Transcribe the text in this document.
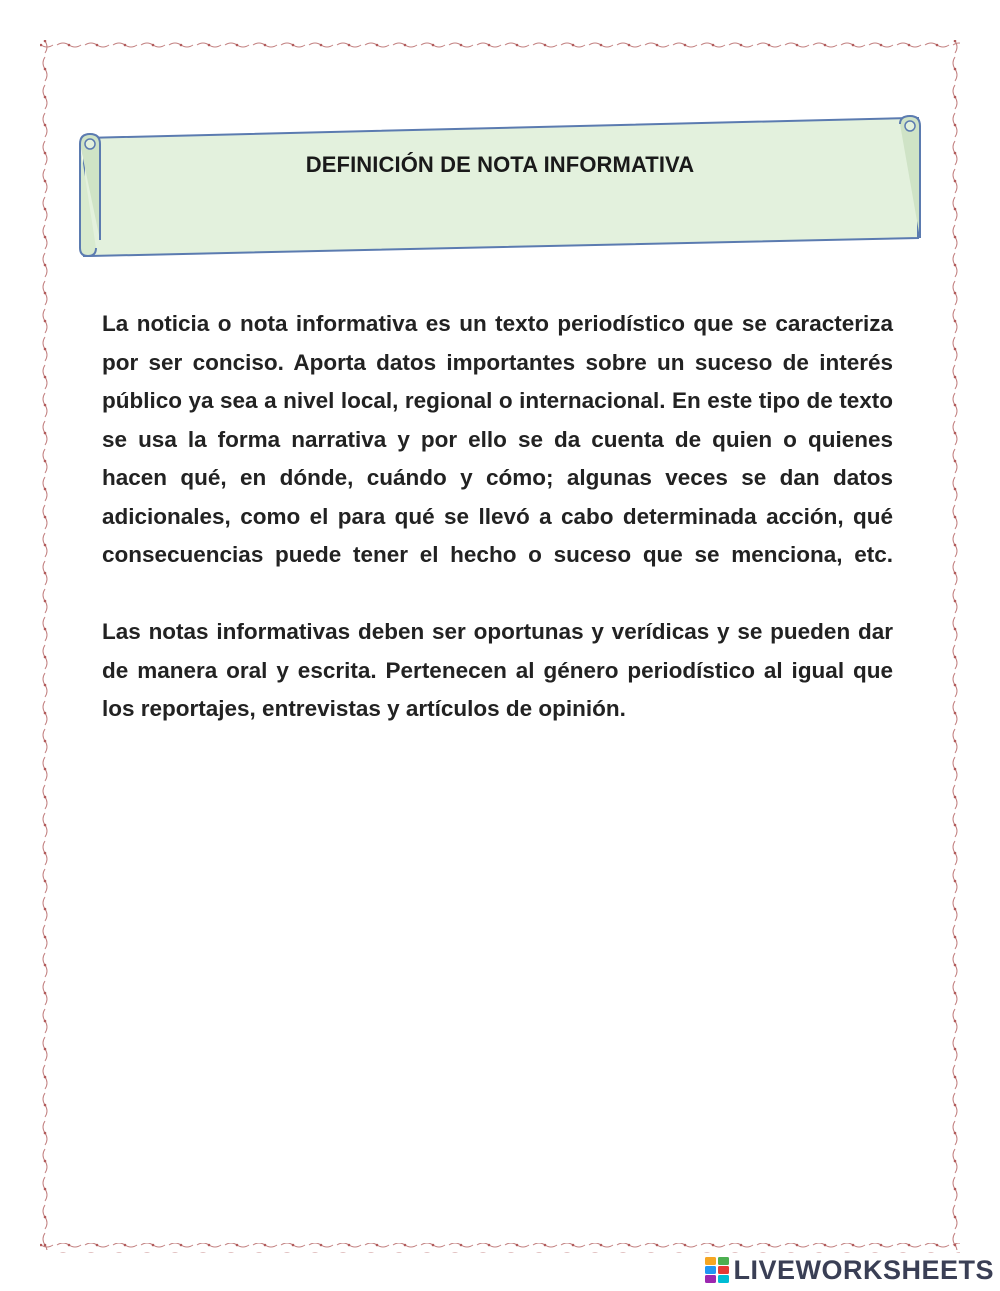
DEFINICIÓN DE NOTA INFORMATIVA

La noticia o nota informativa es un texto periodístico que se caracteriza por ser conciso. Aporta datos importantes sobre un suceso de interés público ya sea a nivel local, regional o internacional. En este tipo de texto se usa la forma narrativa y por ello se da cuenta de quien o quienes hacen qué, en dónde, cuándo y cómo; algunas veces se dan datos adicionales, como el para qué se llevó a cabo determinada acción, qué consecuencias puede tener el hecho o suceso que se menciona, etc.

Las notas informativas deben ser oportunas y verídicas y se pueden dar de manera oral y escrita. Pertenecen al género periodístico al igual que los reportajes, entrevistas y artículos de opinión.

LIVEWORKSHEETS
